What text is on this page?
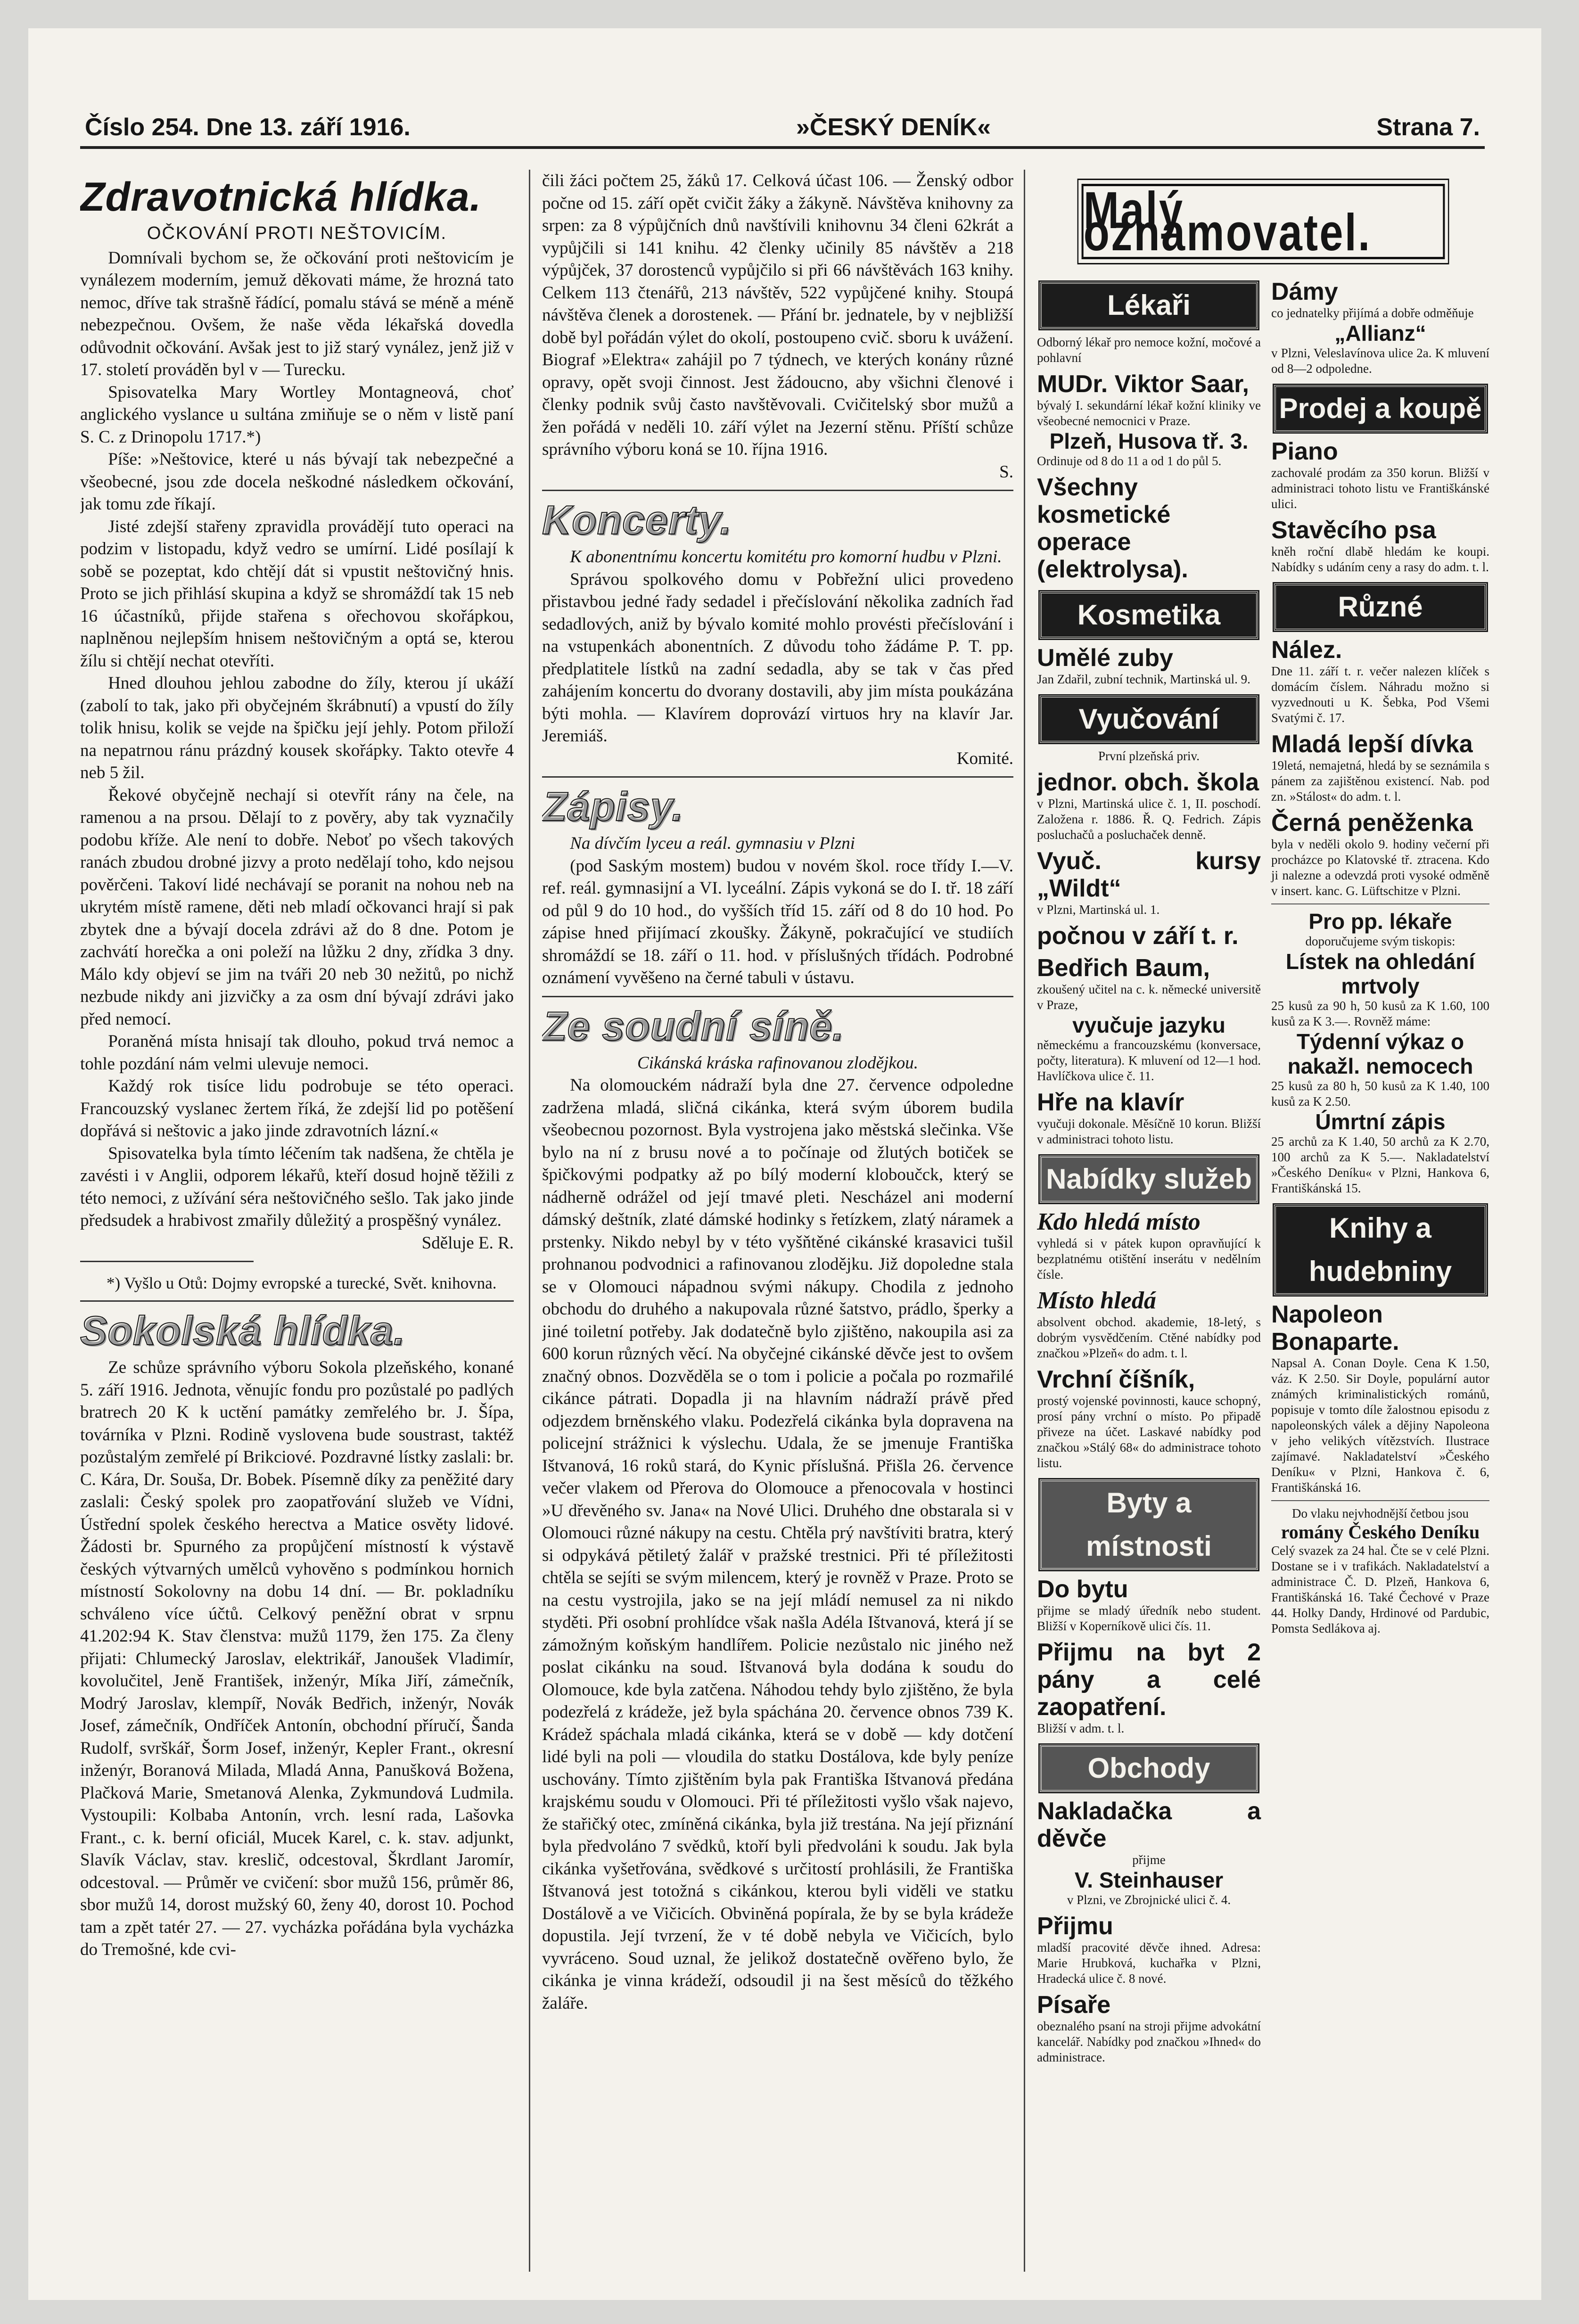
Číslo 254. Dne 13. září 1916.	»ČESKÝ DENÍK«	Strana 7.
Zdravotnická hlídka.
OČKOVÁNÍ PROTI NEŠTOVICÍM.

Domnívali bychom se, že očkování proti neštovicím je vynálezem moderním, jemuž děkovati máme, že hrozná tato nemoc, dříve tak strašně řádící, pomalu stává se méně a méně nebezpečnou. Ovšem, že naše věda lékařská dovedla odůvodnit očkování. Avšak jest to již starý vynález, jenž již v 17. století prováděn byl v — Turecku.

Spisovatelka Mary Wortley Montagneová, choť anglického vyslance u sultána zmiňuje se o něm v listě paní S. C. z Drinopolu 1717.*)

Píše: »Neštovice, které u nás bývají tak nebezpečné a všeobecné, jsou zde docela neškodné následkem očkování, jak tomu zde říkají.

Jisté zdejší stařeny zpravidla provádějí tuto operaci na podzim v listopadu, když vedro se umírní. Lidé posílají k sobě se pozeptat, kdo chtějí dát si vpustit neštovičný hnis. Proto se jich přihlásí skupina a když se shromáždí tak 15 neb 16 účastníků, přijde stařena s ořechovou skořápkou, naplněnou nejlepším hnisem neštovičným a optá se, kterou žílu si chtějí nechat otevříti.

Hned dlouhou jehlou zabodne do žíly, kterou jí ukáží (zabolí to tak, jako při obyčejném škrábnutí) a vpustí do žíly tolik hnisu, kolik se vejde na špičku její jehly. Potom přiloží na nepatrnou ránu prázdný kousek skořápky. Takto otevře 4 neb 5 žil.

Řekové obyčejně nechají si otevřít rány na čele, na ramenou a na prsou. Dělají to z pověry, aby tak vyznačily podobu kříže. Ale není to dobře. Neboť po všech takových ranách zbudou drobné jizvy a proto nedělají toho, kdo nejsou pověrčeni. Takoví lidé nechávají se poranit na nohou neb na ukrytém místě ramene, děti neb mladí očkovanci hrají si pak zbytek dne a bývají docela zdrávi až do 8 dne. Potom je zachvátí horečka a oni poleží na lůžku 2 dny, zřídka 3 dny. Málo kdy objeví se jim na tváři 20 neb 30 nežitů, po nichž nezbude nikdy ani jizvičky a za osm dní bývají zdrávi jako před nemocí.

Poraněná místa hnisají tak dlouho, pokud trvá nemoc a tohle pozdání nám velmi ulevuje nemoci.

Každý rok tisíce lidu podrobuje se této operaci. Francouzský vyslanec žertem říká, že zdejší lid po potěšení dopřává si neštovic a jako jinde zdravotních lázní.«

Spisovatelka byla tímto léčením tak nadšena, že chtěla je zavésti i v Anglii, odporem lékařů, kteří dosud hojně těžili z této nemoci, z užívání séra neštovičného sešlo. Tak jako jinde předsudek a hrabivost zmařily důležitý a prospěšný vynález.

Sdělujе E. R.

*) Vyšlo u Otů: Dojmy evropské a turecké, Svět. knihovna.

Sokolská hlídka.

Ze schůze správního výboru Sokola plzeňského, konané 5. září 1916. Jednota, věnujíc fondu pro pozůstalé po padlých bratrech 20 K k uctění památky zemřelého br. J. Šípa, továrníka v Plzni. Rodině vyslovena bude soustrast, taktéž pozůstalým zemřelé pí Brikciové. Pozdravné lístky zaslali: br. C. Kára, Dr. Souša, Dr. Bobek. Písemně díky za peněžité dary zaslali: Český spolek pro zaopatřování služeb ve Vídni, Ústřední spolek českého herectva a Matice osvěty lidové. Žádosti br. Spurného za propůjčení místností k výstavě českých výtvarných umělců vyhověno s podmínkou hornich místností Sokolovny na dobu 14 dní. — Br. pokladníku schváleno více účtů. Celkový peněžní obrat v srpnu 41.202:94 K. Stav členstva: mužů 1179, žen 175. Za členy přijati: Chlumecký Jaroslav, elektrikář, Janoušek Vladimír, kovolučitel, Jeně František, inženýr, Míka Jiří, zámečník, Modrý Jaroslav, klempíř, Novák Bedřich, inženýr, Novák Josef, zámečník, Ondříček Antonín, obchodní příručí, Šanda Rudolf, svrškář, Šorm Josef, inženýr, Kepler Frant., okresní inženýr, Boranová Milada, Mladá Anna, Panušková Božena, Plačková Marie, Smetanová Alenka, Zykmundová Ludmila. Vystoupili: Kolbaba Antonín, vrch. lesní rada, Lašovka Frant., c. k. berní oficiál, Mucek Karel, c. k. stav. adjunkt, Slavík Václav, stav. kreslič, odcestoval, Škrdlant Jaromír, odcestoval. — Průměr ve cvičení: sbor mužů 156, průměr 86, sbor mužů 14, dorost mužský 60, ženy 40, dorost 10. Pochod tam a zpět tatér 27. — 27. vycházka pořádána byla vycházka do Tremošné, kde cvi-

čili žáci počtem 25, žáků 17. Celková účast 106. — Ženský odbor počne od 15. září opět cvičit žáky a žákyně. Návštěva knihovny za srpen: za 8 výpůjčních dnů navštívili knihovnu 34 členi 62krát a vypůjčili si 141 knihu. 42 členky učinily 85 návštěv a 218 výpůjček, 37 dorostenců vypůjčilo si při 66 návštěvách 163 knihy. Celkem 113 čtenářů, 213 návštěv, 522 vypůjčené knihy. Stoupá návštěva členek a dorostenek. — Přání br. jednatele, by v nejbližší době byl pořádán výlet do okolí, postoupeno cvič. sboru k uvážení. Biograf »Elektra« zahájil po 7 týdnech, ve kterých konány různé opravy, opět svoji činnost. Jest žádoucno, aby všichni členové i členky podnik svůj často navštěvovali. Cvičitelský sbor mužů a žen pořádá v neděli 10. září výlet na Jezerní stěnu. Příští schůze správního výboru koná se 10. října 1916.

S.
Koncerty.

K abonentnímu koncertu komitétu pro komorní hudbu v Plzni.

Správou spolkového domu v Pobřežní ulici provedeno přistavbou jedné řady sedadel i přečíslování několika zadních řad sedadlových, aniž by bývalo komité mohlo provésti přečíslování i na vstupenkách abonentních. Z důvodu toho žádáme P. T. pp. předplatitele lístků na zadní sedadla, aby se tak v čas před zahájením koncertu do dvorany dostavili, aby jim místa poukázána býti mohla. — Klavírem doprovází virtuos hry na klavír Jar. Jeremiáš.

Komité.
Zápisy.

Na dívčím lyceu a reál. gymnasiu v Plzni

(pod Saským mostem) budou v novém škol. roce třídy I.—V. ref. reál. gymnasijní a VI. lyceální. Zápis vykoná se do I. tř. 18 září od půl 9 do 10 hod., do vyšších tříd 15. září od 8 do 10 hod. Po zápise hned přijímací zkoušky. Žákyně, pokračující ve studiích shromáždí se 18. září o 11. hod. v příslušných třídách. Podrobné oznámení vyvěšeno na černé tabuli v ústavu.

Ze soudní síně.
Cikánská kráska rafinovanou zlodějkou.

Na olomouckém nádraží byla dne 27. července odpoledne zadržena mladá, sličná cikánka, která svým úborem budila všeobecnou pozornost. Byla vystrojena jako městská slečinka. Vše bylo na ní z brusu nové a to počínaje od žlutých botiček se špičkovými podpatky až po bílý moderní kloboučck, který se nádherně odrážel od její tmavé pleti. Nescházel ani moderní dámský deštník, zlaté dámské hodinky s řetízkem, zlatý náramek a prstenky. Nikdo nebyl by v této vyšňtěné cikánské krasavici tušil prohnanou podvodnici a rafinovanou zlodějku. Již dopoledne stala se v Olomouci nápadnou svými nákupy. Chodila z jednoho obchodu do druhého a nakupovala různé šatstvo, prádlo, šperky a jiné toiletní potřeby. Jak dodatečně bylo zjištěno, nakoupila asi za 600 korun různých věcí. Na obyčejné cikánské děvče jest to ovšem značný obnos. Dozvěděla se o tom i policie a počala po rozmařilé cikánce pátrati. Dopadla ji na hlavním nádraží právě před odjezdem brněnského vlaku. Podezřelá cikánka byla dopravena na policejní strážnici k výslechu. Udala, že se jmenuje Františka Ištvanová, 16 roků stará, do Kynic příslušná. Přišla 26. července večer vlakem od Přerova do Olomouce a přenocovala v hostinci »U dřevěného sv. Jana« na Nové Ulici. Druhého dne obstarala si v Olomouci různé nákupy na cestu. Chtěla prý navštíviti bratra, který si odpykává pětiletý žalář v pražské trestnici. Při té příležitosti chtěla se sejíti se svým milencem, který je rovněž v Praze. Proto se na cestu vystrojila, jako se na její mládí nemusel za ni nikdo styděti. Při osobní prohlídce však našla Adéla Ištvanová, která jí se zámožným koňským handlířem. Policie nezůstalo nic jiného než poslat cikánku na soud. Ištvanová byla dodána k soudu do Olomouce, kde byla zatčena. Náhodou tehdy bylo zjištěno, že byla podezřelá z krádeže, jež byla spáchána 20. července obnos 739 K. Krádež spáchala mladá cikánka, která se v době — kdy dotčení lidé byli na poli — vloudila do statku Dostálova, kde byly peníze uschovány. Tímto zjištěním byla pak Františka Ištvanová předána krajskému soudu v Olomouci. Při té příležitosti vyšlo však najevo, že stařičký otec, zmíněná cikánka, byla již trestána. Na její přiznání byla předvoláno 7 svědků, ktoří byli předvoláni k soudu. Jak byla cikánka vyšetřována, svědkové s určitostí prohlásili, že Františka Ištvanová jest totožná s cikánkou, kterou byli viděli ve statku Dostálově a ve Vičicích. Obviněná popírala, že by se byla krádeže dopustila. Její tvrzení, že v té době nebyla ve Vičicích, bylo vyvráceno. Soud uznal, že jelikož dostatečně ověřeno bylo, že cikánka je vinna krádeží, odsoudil ji na šest měsíců do těžkého žaláře.

Malý oznamovatel.
Lékaři
Odborný lékař pro nemoce kožní, močové a pohlavní
MUDr. Viktor Saar,
bývalý I. sekundární lékař kožní kliniky ve všeobecné nemocnici v Praze.
Plzeň, Husova tř. 3.
Ordinuje od 8 do 11 a od 1 do půl 5.
Všechny kosmetické operace (elektrolysa).
Kosmetika
Umělé zuby
Jan Zdařil, zubní technik, Martinská ul. 9.
Vyučování
První plzeňská priv.
jednor. obch. škola
v Plzni, Martinská ulice č. 1, II. poschodí. Založena r. 1886. Ř. Q. Fedrich. Zápis posluchačů a posluchaček denně.
Vyuč. kursy „Wildt“
v Plzni, Martinská ul. 1.
počnou v září t. r.
Bedřich Baum,
zkoušený učitel na c. k. německé universitě v Praze,
vyučuje jazyku
německému a francouzskému (konversace, počty, literatura). K mluvení od 12—1 hod. Havlíčkova ulice č. 11.
Hře na klavír
vyučuji dokonale. Měsíčně 10 korun. Bližší v administraci tohoto listu.
Nabídky služeb
Kdo hledá místo
vyhledá si v pátek kupon opravňující k bezplatnému otištění inserátu v nedělním čísle.
Místo hledá
absolvent obchod. akademie, 18-letý, s dobrým vysvědčením. Ctěné nabídky pod značkou »Plzeň« do adm. t. l.
Vrchní číšník,
prostý vojenské povinnosti, kauce schopný, prosí pány vrchní o místo. Po připadě přiveze na účet. Laskavé nabídky pod značkou »Stálý 68« do administrace tohoto listu.
Byty a místnosti
Do bytu
přijme se mladý úředník nebo student. Bližší v Koperníkově ulici čís. 11.
Přijmu na byt 2 pány a celé zaopatření.
Bližší v adm. t. l.
Obchody
Nakladačka a děvče
přijme
V. Steinhauser
v Plzni, ve Zbrojnické ulici č. 4.
Přijmu
mladší pracovité děvče ihned. Adresa: Marie Hrubková, kuchařka v Plzni, Hradecká ulice č. 8 nové.
Písaře
obeznalého psaní na stroji přijme advokátní kancelář. Nabídky pod značkou »Ihned« do administrace.
Dámy
co jednatelky přijímá a dobře odměňuje
„Allianz“
v Plzni, Veleslavínova ulice 2a. K mluvení od 8—2 odpoledne.
Prodej a koupě
Piano
zachovalé prodám za 350 korun. Bližší v administraci tohoto listu ve Františkánské ulici.
Stavěcího psa
kněh roční dlabě hledám ke koupi. Nabídky s udáním ceny a rasy do adm. t. l.
Různé
Nález.
Dne 11. září t. r. večer nalezen klíček s domácím číslem. Náhradu možno si vyzvednouti u K. Šebka, Pod Všemi Svatými č. 17.
Mladá lepší dívka
19letá, nemajetná, hledá by se seznámila s pánem za zajištěnou existencí. Nab. pod zn. »Stálost« do adm. t. l.
Černá peněženka
byla v neděli okolo 9. hodiny večerní při procházce po Klatovské tř. ztracena. Kdo ji nalezne a odevzdá proti vysoké odměně v insert. kanc. G. Lüftschitze v Plzni.
Pro pp. lékaře
doporučujeme svým tiskopis:
Lístek na ohledání mrtvoly
25 kusů za 90 h, 50 kusů za K 1.60, 100 kusů za K 3.—. Rovněž máme:
Týdenní výkaz o nakažl. nemocech
25 kusů za 80 h, 50 kusů za K 1.40, 100 kusů za K 2.50.
Úmrtní zápis
25 archů za K 1.40, 50 archů za K 2.70, 100 archů za K 5.—. Nakladatelství »Českého Deníku« v Plzni, Hankova 6, Františkánská 15.
Knihy a hudebniny
Napoleon Bonaparte.
Napsal A. Conan Doyle. Cena K 1.50, váz. K 2.50. Sir Doyle, populární autor známých kriminalistických románů, popisuje v tomto díle žalostnou episodu z napoleonských válek a dějiny Napoleona v jeho velikých vítězstvích. Ilustrace zajímavé. Nakladatelství »Českého Deníku« v Plzni, Hankova č. 6, Františkánská 16.
Do vlaku nejvhodnější četbou jsou
romány Českého Deníku
Celý svazek za 24 hal. Čte se v celé Plzni. Dostane se i v trafikách. Nakladatelství a administrace Č. D. Plzeň, Hankova 6, Františkánská 16. Také Čechové v Praze 44. Holky Dandy, Hrdinové od Pardubic, Pomsta Sedlákova aj.
